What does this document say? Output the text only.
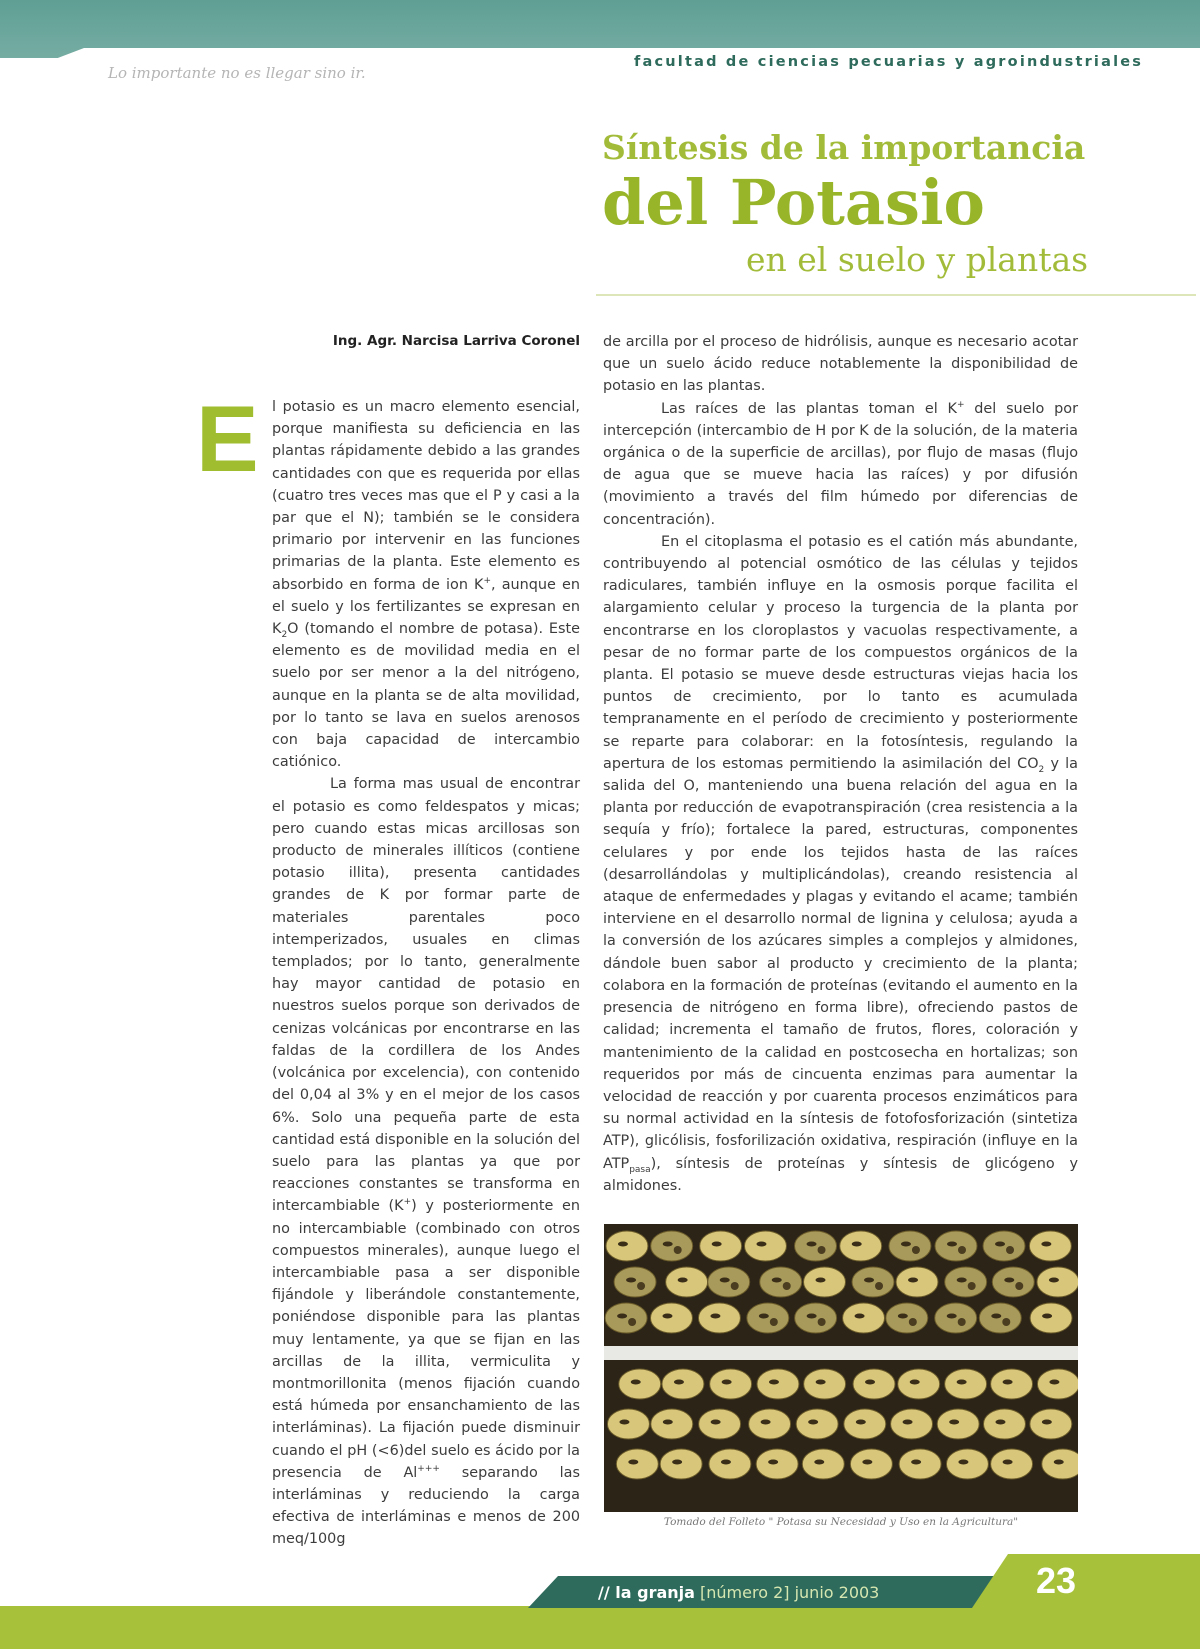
Lo importante no es llegar sino ir.
facultad de ciencias pecuarias y agroindustriales
Síntesis de la importancia
del Potasio
en el suelo y plantas
Ing. Agr. Narcisa Larriva Coronel
E l potasio es un macro elemento esencial, porque manifiesta su deficiencia en las plantas rápidamente debido a las grandes cantidades con que es requerida por ellas (cuatro tres veces mas que el P y casi a la par que el N); también se le considera primario por intervenir en las funciones primarias de la planta. Este elemento es absorbido en forma de ion K+, aunque en el suelo y los fertilizantes se expresan en $K_2O$ (tomando el nombre de potasa). Este elemento es de movilidad media en el suelo por ser menor a la del nitrógeno, aunque en la planta se de alta movilidad, por lo tanto se lava en suelos arenosos con baja capacidad de intercambio catiónico.

La forma mas usual de encontrar el potasio es como feldespatos y micas; pero cuando estas micas arcillosas son producto de minerales illíticos (contiene potasio illita), presenta cantidades grandes de K por formar parte de materiales parentales poco intemperizados, usuales en climas templados; por lo tanto, generalmente hay mayor cantidad de potasio en nuestros suelos porque son derivados de cenizas volcánicas por encontrarse en las faldas de la cordillera de los Andes (volcánica por excelencia), con contenido del 0,04 al 3% y en el mejor de los casos 6%. Solo una pequeña parte de esta cantidad está disponible en la solución del suelo para las plantas ya que por reacciones constantes se transforma en intercambiable (K+) y posteriormente en no intercambiable (combinado con otros compuestos minerales), aunque luego el intercambiable pasa a ser disponible fijándole y liberándole constantemente, poniéndose disponible para las plantas muy lentamente, ya que se fijan en las arcillas de la illita, vermiculita y montmorillonita (menos fijación cuando está húmeda por ensanchamiento de las interláminas). La fijación puede disminuir cuando el pH (<6)del suelo es ácido por la presencia de Al+++ separando las interláminas y reduciendo la carga efectiva de interláminas e menos de 200 meq/100g

de arcilla por el proceso de hidrólisis, aunque es necesario acotar que un suelo ácido reduce notablemente la disponibilidad de potasio en las plantas.

Las raíces de las plantas toman el K+ del suelo por intercepción (intercambio de H por K de la solución, de la materia orgánica o de la superficie de arcillas), por flujo de masas (flujo de agua que se mueve hacia las raíces) y por difusión (movimiento a través del film húmedo por diferencias de concentración).

En el citoplasma el potasio es el catión más abundante, contribuyendo al potencial osmótico de las células y tejidos radiculares, también influye en la osmosis porque facilita el alargamiento celular y proceso la turgencia de la planta por encontrarse en los cloroplastos y vacuolas respectivamente, a pesar de no formar parte de los compuestos orgánicos de la planta. El potasio se mueve desde estructuras viejas hacia los puntos de crecimiento, por lo tanto es acumulada tempranamente en el período de crecimiento y posteriormente se reparte para colaborar: en la fotosíntesis, regulando la apertura de los estomas permitiendo la asimilación del $CO_2$ y la salida del O, manteniendo una buena relación del agua en la planta por reducción de evapotranspiración (crea resistencia a la sequía y frío); fortalece la pared, estructuras, componentes celulares y por ende los tejidos hasta de las raíces (desarrollándolas y multiplicándolas), creando resistencia al ataque de enfermedades y plagas y evitando el acame; también interviene en el desarrollo normal de lignina y celulosa; ayuda a la conversión de los azúcares simples a complejos y almidones, dándole buen sabor al producto y crecimiento de la planta; colabora en la formación de proteínas (evitando el aumento en la presencia de nitrógeno en forma libre), ofreciendo pastos de calidad; incrementa el tamaño de frutos, flores, coloración y mantenimiento de la calidad en postcosecha en hortalizas; son requeridos por más de cincuenta enzimas para aumentar la velocidad de reacción y por cuarenta procesos enzimáticos para su normal actividad en la síntesis de fotofosforización (sintetiza ATP), glicólisis, fosforilización oxidativa, respiración (influye en la $ATP_{pasa}$), síntesis de proteínas y síntesis de glicógeno y almidones.

Tomado del Folleto " Potasa su Necesidad y Uso en la Agricultura"
// la granja [número 2] junio 2003	23
